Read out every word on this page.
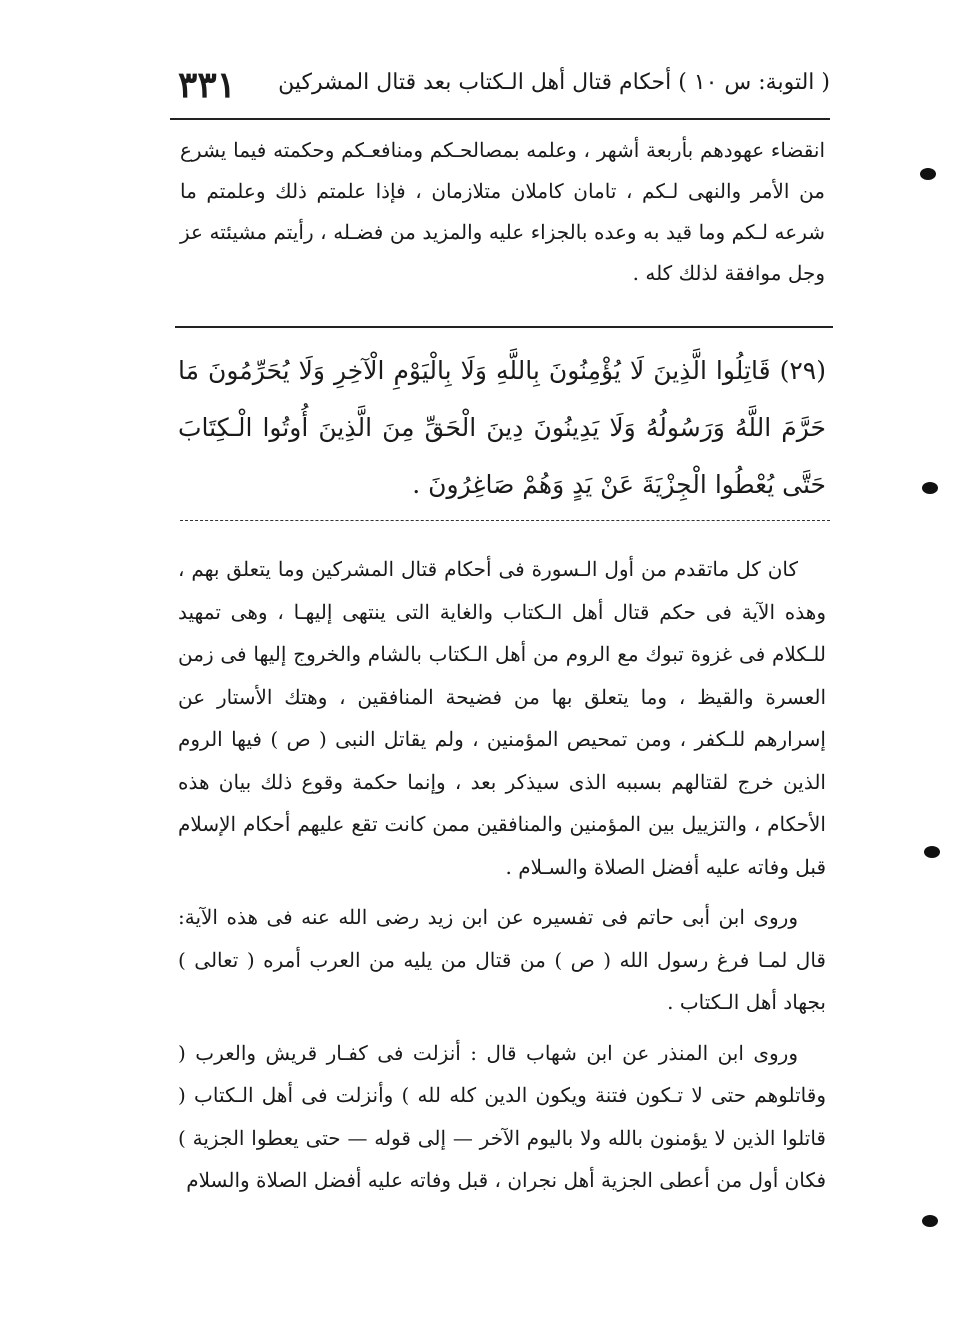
( التوبة: س ١٠ ) أحكام قتال أهل الـكتاب بعد قتال المشركين
٣٣١

انقضاء عهودهم بأربعة أشهر ، وعلمه بمصالحـكم ومنافعـكم وحكمته فيما يشرع من الأمر والنهى لـكم ، تامان كاملان متلازمان ، فإذا علمتم ذلك وعلمتم ما شرعه لـكم وما قيد به وعده بالجزاء عليه والمزيد من فضـله ، رأيتم مشيئته عز وجل موافقة لذلك كله .

(٢٩) قَاتِلُوا الَّذِينَ لَا يُؤْمِنُونَ بِاللَّهِ وَلَا بِالْيَوْمِ الْآخِرِ وَلَا يُحَرِّمُونَ مَا حَرَّمَ اللَّهُ وَرَسُولُهُ وَلَا يَدِينُونَ دِينَ الْحَقِّ مِنَ الَّذِينَ أُوتُوا الْـكِتَابَ حَتَّى يُعْطُوا الْجِزْيَةَ عَنْ يَدٍ وَهُمْ صَاغِرُونَ .

كان كل ماتقدم من أول الـسورة فى أحكام قتال المشركين وما يتعلق بهم ، وهذه الآية فى حكم قتال أهل الـكتاب والغاية التى ينتهى إليهـا ، وهى تمهيد للـكلام فى غزوة تبوك مع الروم من أهل الـكتاب بالشام والخروج إليها فى زمن العسرة والقيظ ، وما يتعلق بها من فضيحة المنافقين ، وهتك الأستار عن إسرارهم للـكفر ، ومن تمحيص المؤمنين ، ولم يقاتل النبى ( ص ) فيها الروم الذين خرج لقتالهم بسببه الذى سيذكر بعد ، وإنما حكمة وقوع ذلك بيان هذه الأحكام ، والتزييل بين المؤمنين والمنافقين ممن كانت تقع عليهم أحكام الإسلام قبل وفاته عليه أفضل الصلاة والسـلام .

وروى ابن أبى حاتم فى تفسيره عن ابن زيد رضى الله عنه فى هذه الآية: قال لمـا فرغ رسول الله ( ص ) من قتال من يليه من العرب أمره ( تعالى ) بجهاد أهل الـكتاب .

وروى ابن المنذر عن ابن شهاب قال : أنزلت فى كفـار قريش والعرب ( وقاتلوهم حتى لا تـكون فتنة ويكون الدين كله لله ) وأنزلت فى أهل الـكتاب ( قاتلوا الذين لا يؤمنون بالله ولا باليوم الآخر — إلى قوله — حتى يعطوا الجزية ) فكان أول من أعطى الجزية أهل نجران ، قبل وفاته عليه أفضل الصلاة والسلام
